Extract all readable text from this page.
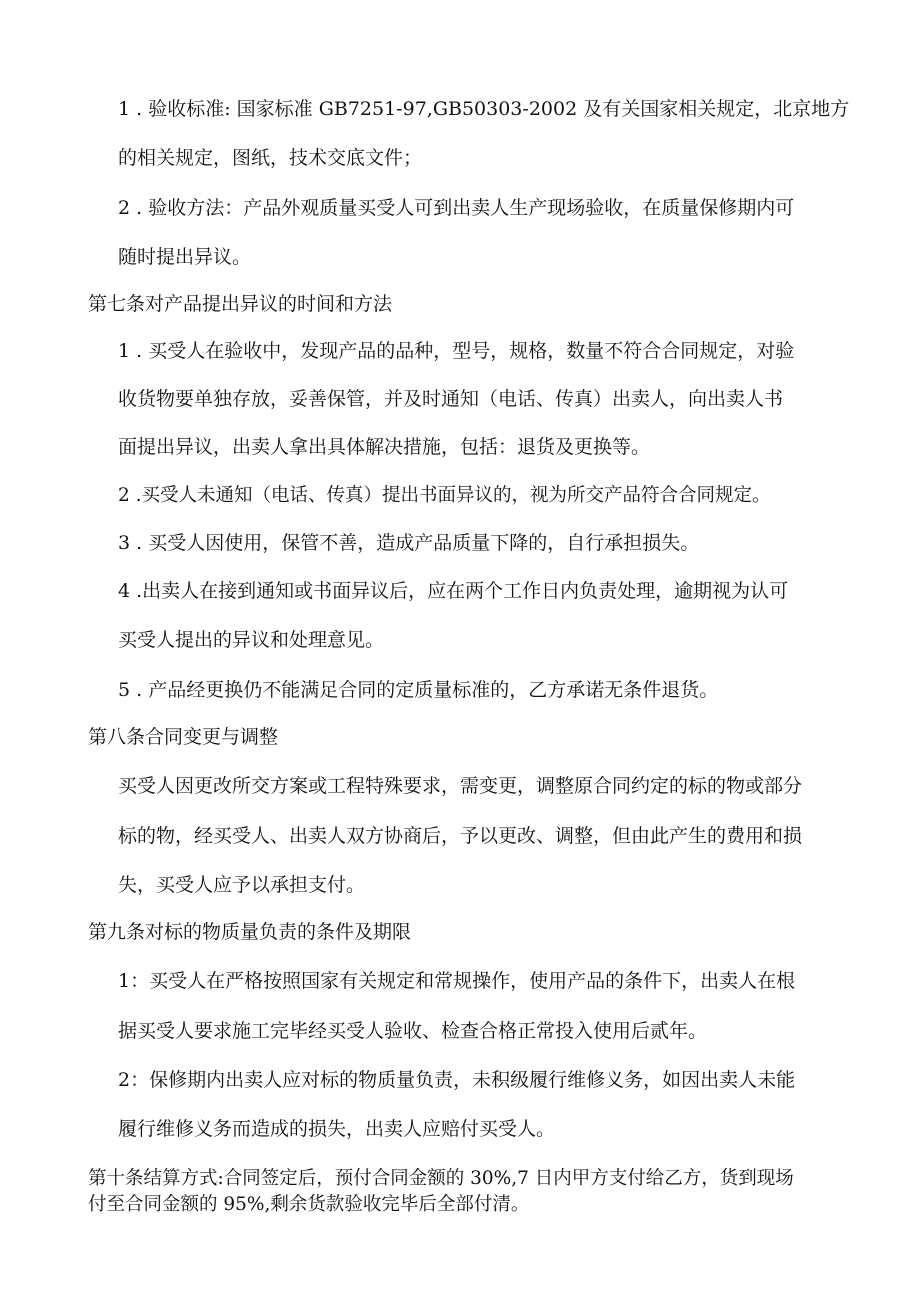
1 . 验收标准: 国家标准 GB7251-97,GB50303-2002 及有关国家相关规定，北京地方
的相关规定，图纸，技术交底文件；
2 . 验收方法：产品外观质量买受人可到出卖人生产现场验收，在质量保修期内可
随时提出异议。
第七条对产品提出异议的时间和方法
1 . 买受人在验收中，发现产品的品种，型号，规格，数量不符合合同规定，对验
收货物要单独存放，妥善保管，并及时通知（电话、传真）出卖人，向出卖人书
面提出异议，出卖人拿出具体解决措施，包括：退货及更换等。
2 .买受人未通知（电话、传真）提出书面异议的，视为所交产品符合合同规定。
3 . 买受人因使用，保管不善，造成产品质量下降的，自行承担损失。
4 .出卖人在接到通知或书面异议后，应在两个工作日内负责处理，逾期视为认可
买受人提出的异议和处理意见。
5 . 产品经更换仍不能满足合同的定质量标准的，乙方承诺无条件退货。
第八条合同变更与调整
买受人因更改所交方案或工程特殊要求，需变更，调整原合同约定的标的物或部分
标的物，经买受人、出卖人双方协商后，予以更改、调整，但由此产生的费用和损
失，买受人应予以承担支付。
第九条对标的物质量负责的条件及期限
1：买受人在严格按照国家有关规定和常规操作，使用产品的条件下，出卖人在根
据买受人要求施工完毕经买受人验收、检查合格正常投入使用后贰年。
2：保修期内出卖人应对标的物质量负责，未积级履行维修义务，如因出卖人未能
履行维修义务而造成的损失，出卖人应赔付买受人。
第十条结算方式:合同签定后，预付合同金额的 30%,7 日内甲方支付给乙方，货到现场
付至合同金额的 95%,剩余货款验收完毕后全部付清。
